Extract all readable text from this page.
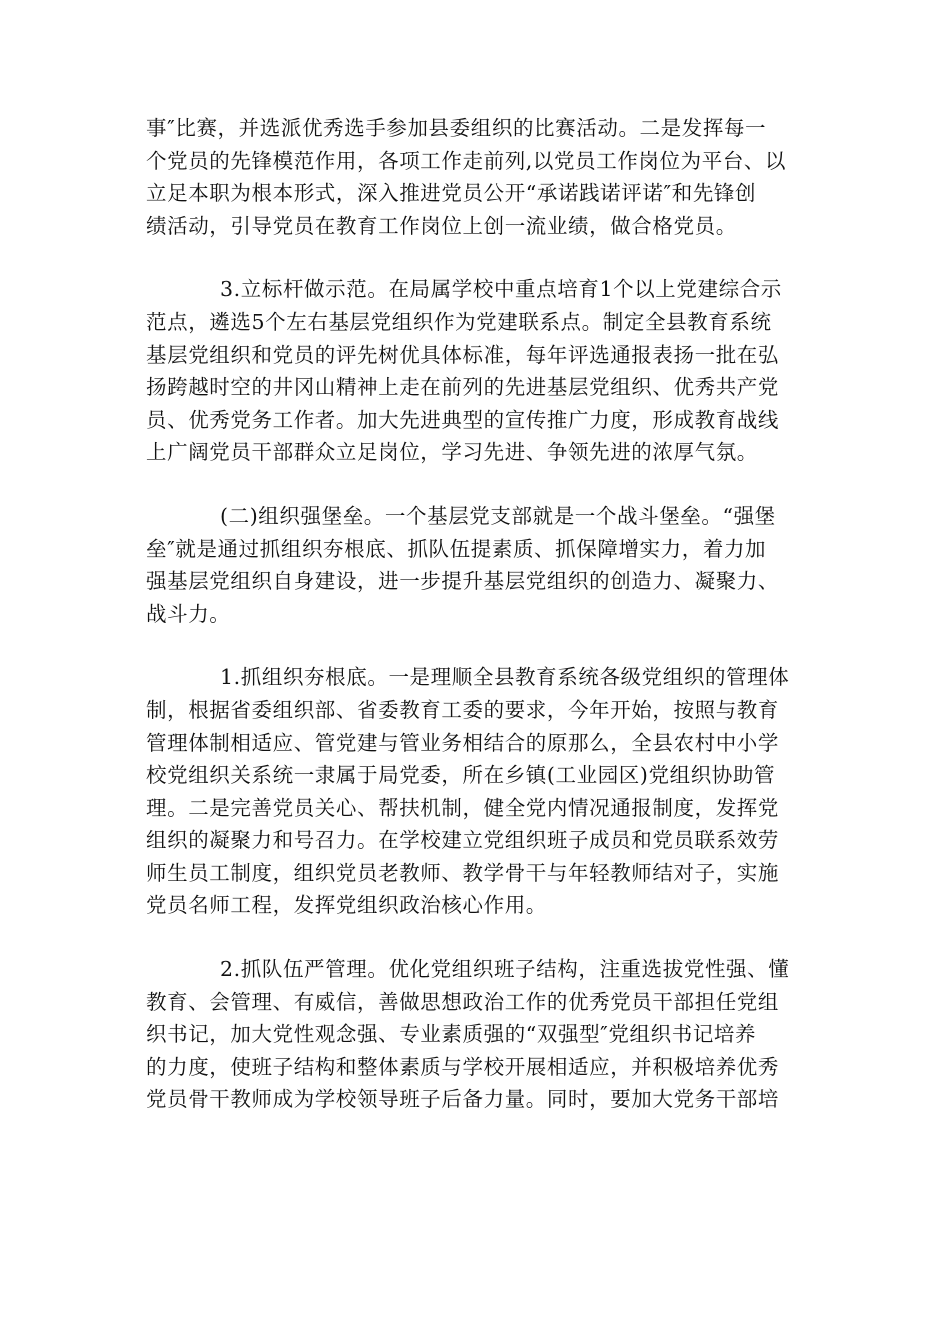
事″比赛，并选派优秀选手参加县委组织的比赛活动。二是发挥每一
个党员的先锋模范作用，各项工作走前列,以党员工作岗位为平台、以
立足本职为根本形式，深入推进党员公开“承诺践诺评诺″和先锋创
绩活动，引导党员在教育工作岗位上创一流业绩，做合格党员。
3.立标杆做示范。在局属学校中重点培育1个以上党建综合示
范点，遴选5个左右基层党组织作为党建联系点。制定全县教育系统
基层党组织和党员的评先树优具体标准，每年评选通报表扬一批在弘
扬跨越时空的井冈山精神上走在前列的先进基层党组织、优秀共产党
员、优秀党务工作者。加大先进典型的宣传推广力度，形成教育战线
上广阔党员干部群众立足岗位，学习先进、争领先进的浓厚气氛。
(二)组织强堡垒。一个基层党支部就是一个战斗堡垒。“强堡
垒″就是通过抓组织夯根底、抓队伍提素质、抓保障增实力，着力加
强基层党组织自身建设，进一步提升基层党组织的创造力、凝聚力、
战斗力。
1.抓组织夯根底。一是理顺全县教育系统各级党组织的管理体
制，根据省委组织部、省委教育工委的要求，今年开始，按照与教育
管理体制相适应、管党建与管业务相结合的原那么，全县农村中小学
校党组织关系统一隶属于局党委，所在乡镇(工业园区)党组织协助管
理。二是完善党员关心、帮扶机制，健全党内情况通报制度，发挥党
组织的凝聚力和号召力。在学校建立党组织班子成员和党员联系效劳
师生员工制度，组织党员老教师、教学骨干与年轻教师结对子，实施
党员名师工程，发挥党组织政治核心作用。
2.抓队伍严管理。优化党组织班子结构，注重选拔党性强、懂
教育、会管理、有威信，善做思想政治工作的优秀党员干部担任党组
织书记，加大党性观念强、专业素质强的“双强型″党组织书记培养
的力度，使班子结构和整体素质与学校开展相适应，并积极培养优秀
党员骨干教师成为学校领导班子后备力量。同时，要加大党务干部培
